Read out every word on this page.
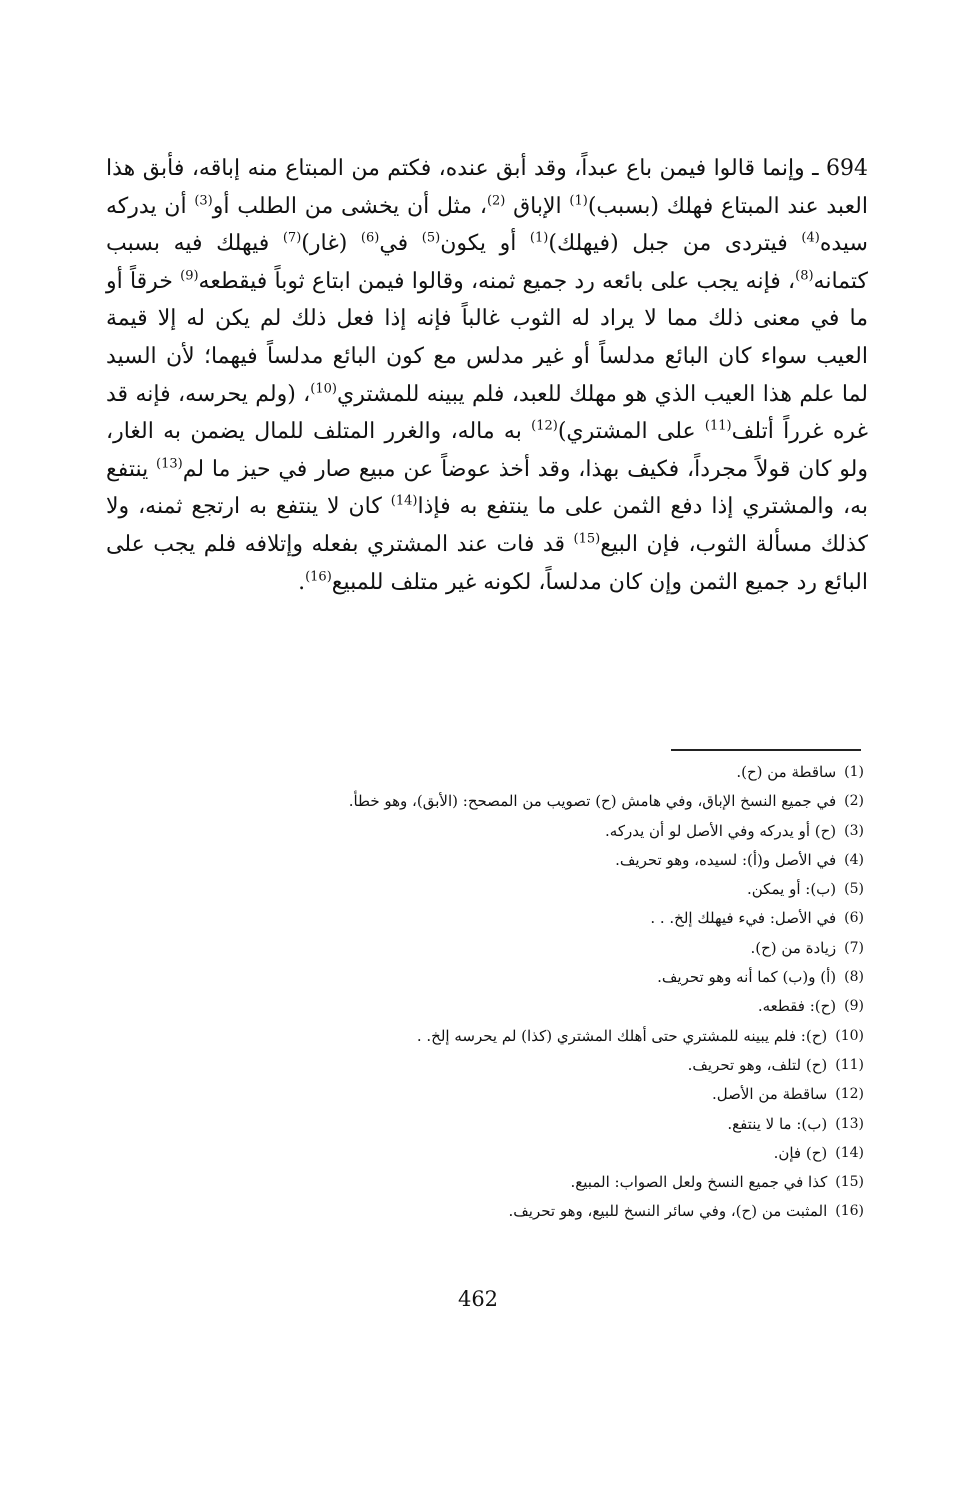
694 ـ وإنما قالوا فيمن باع عبداً، وقد أبق عنده، فكتم من المبتاع منه إباقه، فأبق هذا العبد عند المبتاع فهلك (بسبب)$^{(1)}$ الإباق $^{(2)}$، مثل أن يخشى من الطلب أو$^{(3)}$ أن يدركه سيده$^{(4)}$ فيتردى من جبل (فيهلك)$^{(1)}$ أو يكون$^{(5)}$ في$^{(6)}$ (غار)$^{(7)}$ فيهلك فيه بسبب كتمانه$^{(8)}$، فإنه يجب على بائعه رد جميع ثمنه، وقالوا فيمن ابتاع ثوباً فيقطعه$^{(9)}$ خرقاً أو ما في معنى ذلك مما لا يراد له الثوب غالباً فإنه إذا فعل ذلك لم يكن له إلا قيمة العيب سواء كان البائع مدلساً أو غير مدلس مع كون البائع مدلساً فيهما؛ لأن السيد لما علم هذا العيب الذي هو مهلك للعبد، فلم يبينه للمشتري$^{(10)}$، (ولم يحرسه، فإنه قد غره غرراً أتلف$^{(11)}$ على المشتري)$^{(12)}$ به ماله، والغرر المتلف للمال يضمن به الغار، ولو كان قولاً مجرداً، فكيف بهذا، وقد أخذ عوضاً عن مبيع صار في حيز ما لم$^{(13)}$ ينتفع به، والمشتري إذا دفع الثمن على ما ينتفع به فإذا$^{(14)}$ كان لا ينتفع به ارتجع ثمنه، ولا كذلك مسألة الثوب، فإن البيع$^{(15)}$ قد فات عند المشتري بفعله وإتلافه فلم يجب على البائع رد جميع الثمن وإن كان مدلساً، لكونه غير متلف للمبيع$^{(16)}$.
(1)
ساقطة من (ح).
(2)
في جميع النسخ الإباق، وفي هامش (ح) تصويب من المصحح: (الأبق)، وهو خطأ.
(3)
(ح) أو يدركه وفي الأصل لو أن يدركه.
(4)
في الأصل و(أ): لسيده، وهو تحريف.
(5)
(ب): أو يمكن.
(6)
في الأصل: فيء فيهلك إلخ. . .
(7)
زيادة من (ح).
(8)
(أ) و(ب) كما أنه وهو تحريف.
(9)
(ح): فقطعه.
(10)
(ح): فلم يبينه للمشتري حتى أهلك المشتري (كذا) لم يحرسه إلخ. .
(11)
(ح) لتلف، وهو تحريف.
(12)
ساقطة من الأصل.
(13)
(ب): ما لا ينتفع.
(14)
(ح) فإن.
(15)
كذا في جميع النسخ ولعل الصواب: المبيع.
(16)
المثبت من (ح)، وفي سائر النسخ للبيع، وهو تحريف.
462
